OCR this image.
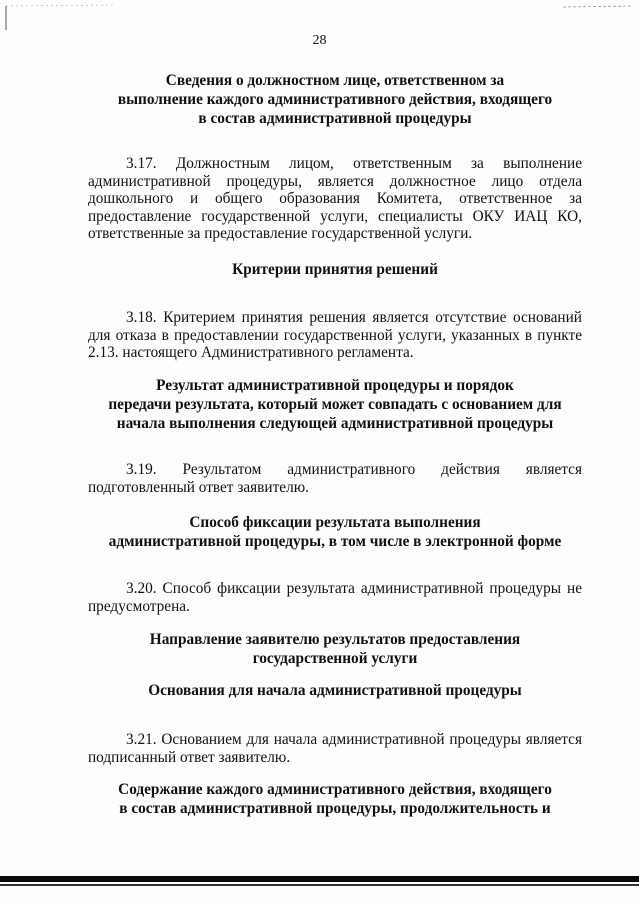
28
Сведения о должностном лице, ответственном за
выполнение каждого административного действия, входящего
в состав административной процедуры
3.17. Должностным лицом, ответственным за выполнение административной процедуры, является должностное лицо отдела дошкольного и общего образования Комитета, ответственное за предоставление государственной услуги, специалисты ОКУ ИАЦ КО, ответственные за предоставление государственной услуги.
Критерии принятия решений
3.18. Критерием принятия решения является отсутствие оснований для отказа в предоставлении государственной услуги, указанных в пункте 2.13. настоящего Административного регламента.
Результат административной процедуры и порядок
передачи результата, который может совпадать с основанием для
начала выполнения следующей административной процедуры
3.19. Результатом административного действия является подготовленный ответ заявителю.
Способ фиксации результата выполнения
административной процедуры, в том числе в электронной форме
3.20. Способ фиксации результата административной процедуры не предусмотрена.
Направление заявителю результатов предоставления
государственной услуги
Основания для начала административной процедуры
3.21. Основанием для начала административной процедуры является подписанный ответ заявителю.
Содержание каждого административного действия, входящего
в состав административной процедуры, продолжительность и
